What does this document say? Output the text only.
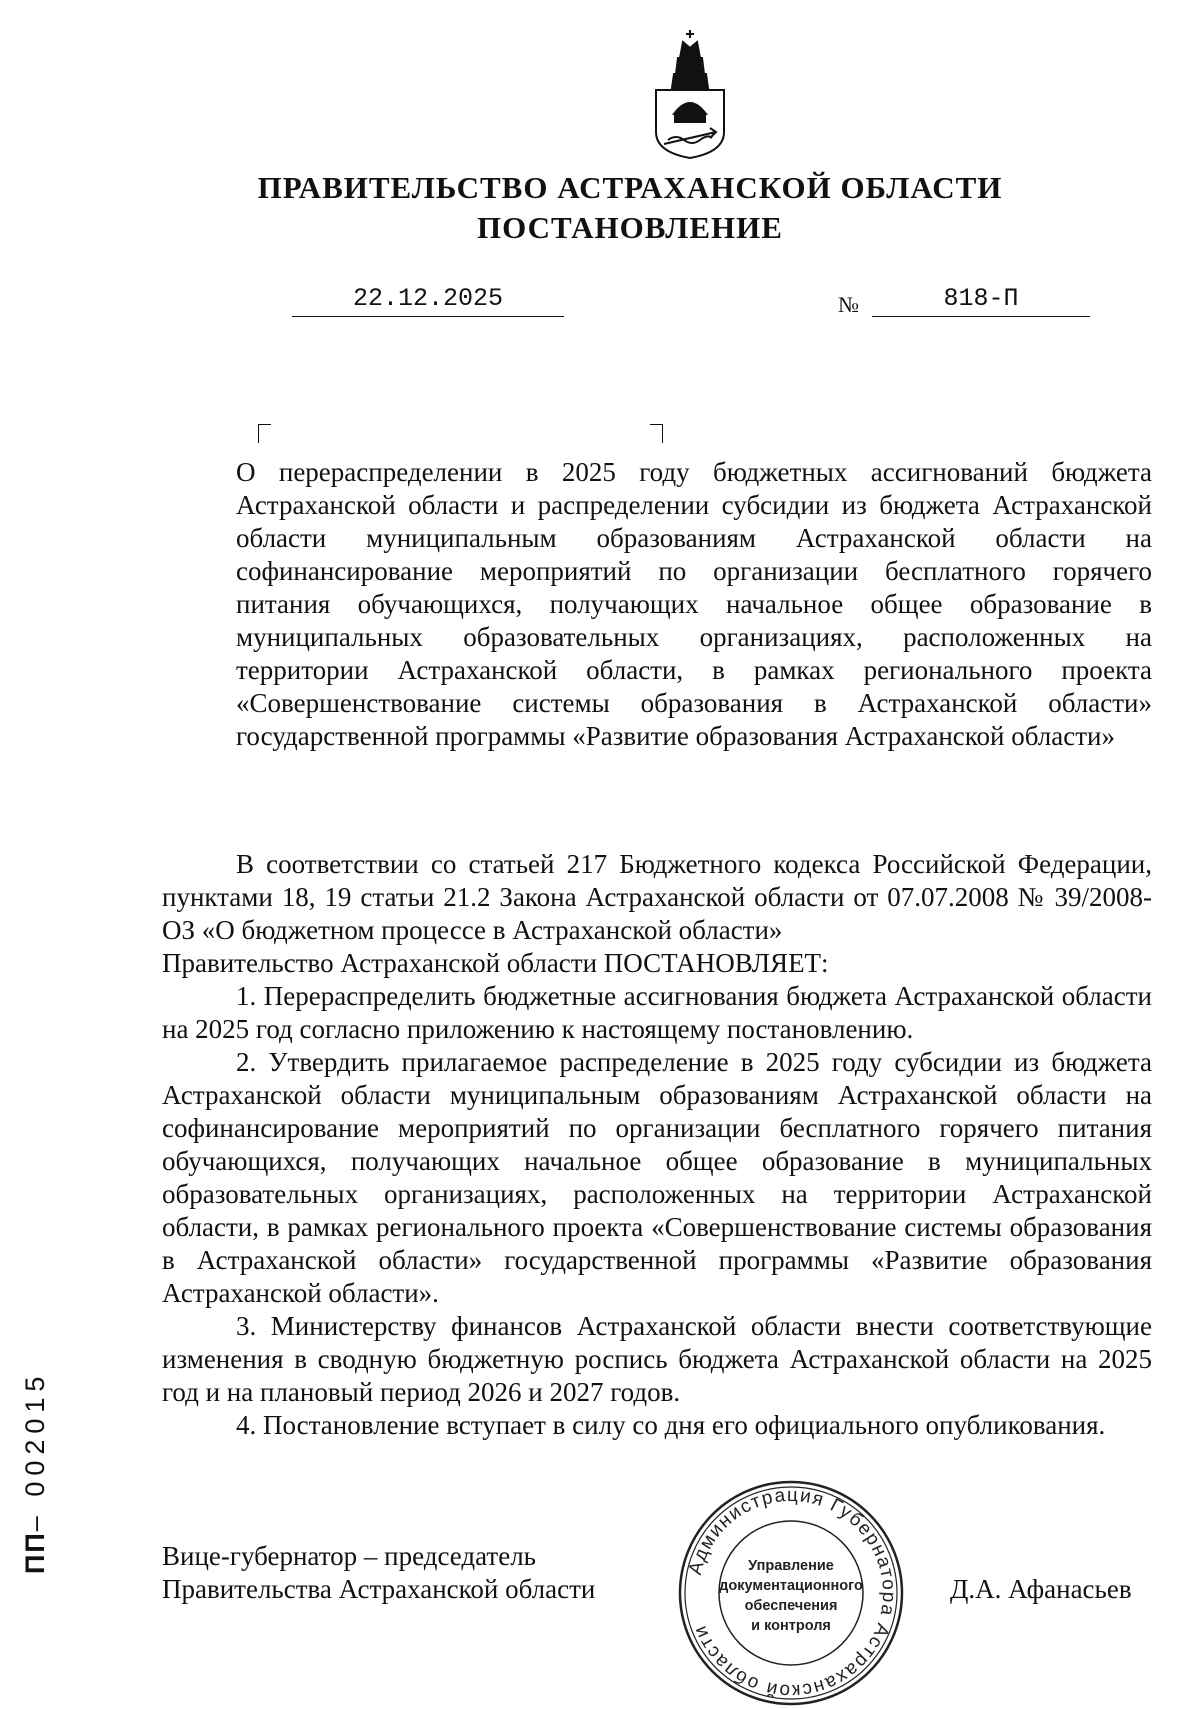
ПРАВИТЕЛЬСТВО АСТРАХАНСКОЙ ОБЛАСТИ
ПОСТАНОВЛЕНИЕ
22.12.2025	№	818-П
О перераспределении в 2025 году бюджетных ассигнований бюджета Астраханской области и распределении субсидии из бюджета Астраханской области муниципальным образованиям Астраханской области на софинансирование мероприятий по организации бесплатного горячего питания обучающихся, получающих начальное общее образование в муниципальных образовательных организациях, расположенных на территории Астраханской области, в рамках регионального проекта «Совершенствование системы образования в Астраханской области» государственной программы «Развитие образования Астраханской области»

В соответствии со статьей 217 Бюджетного кодекса Российской Федерации, пунктами 18, 19 статьи 21.2 Закона Астраханской области от 07.07.2008 № 39/2008-ОЗ «О бюджетном процессе в Астраханской области»

Правительство Астраханской области ПОСТАНОВЛЯЕТ:

1. Перераспределить бюджетные ассигнования бюджета Астраханской области на 2025 год согласно приложению к настоящему постановлению.

2. Утвердить прилагаемое распределение в 2025 году субсидии из бюджета Астраханской области муниципальным образованиям Астраханской области на софинансирование мероприятий по организации бесплатного горячего питания обучающихся, получающих начальное общее образование в муниципальных образовательных организациях, расположенных на территории Астраханской области, в рамках регионального проекта «Совершенствование системы образования в Астраханской области» государственной программы «Развитие образования Астраханской области».

3. Министерству финансов Астраханской области внести соответствующие изменения в сводную бюджетную роспись бюджета Астраханской области на 2025 год и на плановый период 2026 и 2027 годов.

4. Постановление вступает в силу со дня его официального опубликования.

Вице-губернатор – председатель
Правительства Астраханской области	Д.А. Афанасьев
Администрация Губернатора Астраханской области
Управление
документационного
обеспечения
и контроля
ПП– 002015
